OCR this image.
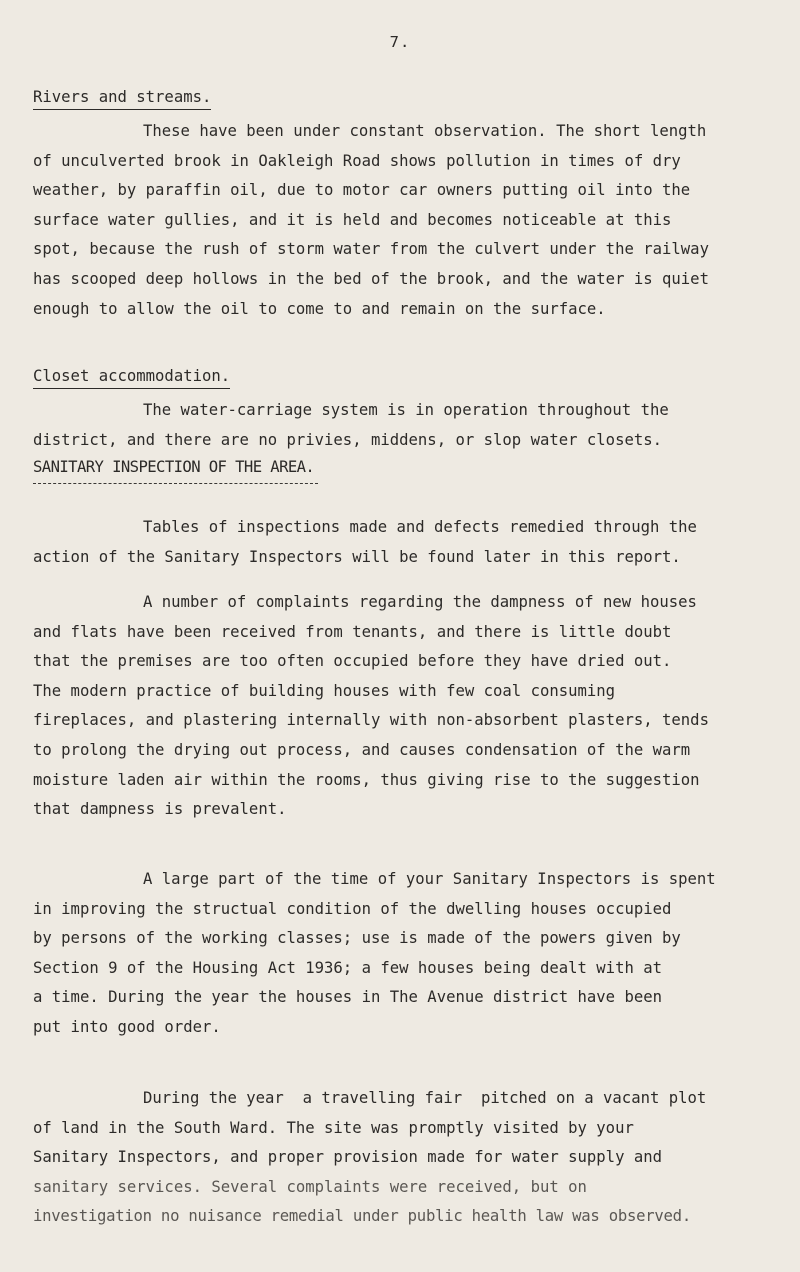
7.
Rivers and streams.
These have been under constant observation. The short length
of unculverted brook in Oakleigh Road shows pollution in times of dry
weather, by paraffin oil, due to motor car owners putting oil into the
surface water gullies, and it is held and becomes noticeable at this
spot, because the rush of storm water from the culvert under the railway
has scooped deep hollows in the bed of the brook, and the water is quiet
enough to allow the oil to come to and remain on the surface.
Closet accommodation.
The water-carriage system is in operation throughout the
district, and there are no privies, middens, or slop water closets.
SANITARY INSPECTION OF THE AREA.
Tables of inspections made and defects remedied through the
action of the Sanitary Inspectors will be found later in this report.
A number of complaints regarding the dampness of new houses
and flats have been received from tenants, and there is little doubt
that the premises are too often occupied before they have dried out.
The modern practice of building houses with few coal consuming
fireplaces, and plastering internally with non-absorbent plasters, tends
to prolong the drying out process, and causes condensation of the warm
moisture laden air within the rooms, thus giving rise to the suggestion
that dampness is prevalent.
A large part of the time of your Sanitary Inspectors is spent
in improving the structual condition of the dwelling houses occupied
by persons of the working classes; use is made of the powers given by
Section 9 of the Housing Act 1936; a few houses being dealt with at
a time. During the year the houses in The Avenue district have been
put into good order.
During the year  a travelling fair  pitched on a vacant plot
of land in the South Ward. The site was promptly visited by your
Sanitary Inspectors, and proper provision made for water supply and
sanitary services. Several complaints were received, but on
investigation no nuisance remedial under public health law was observed.
